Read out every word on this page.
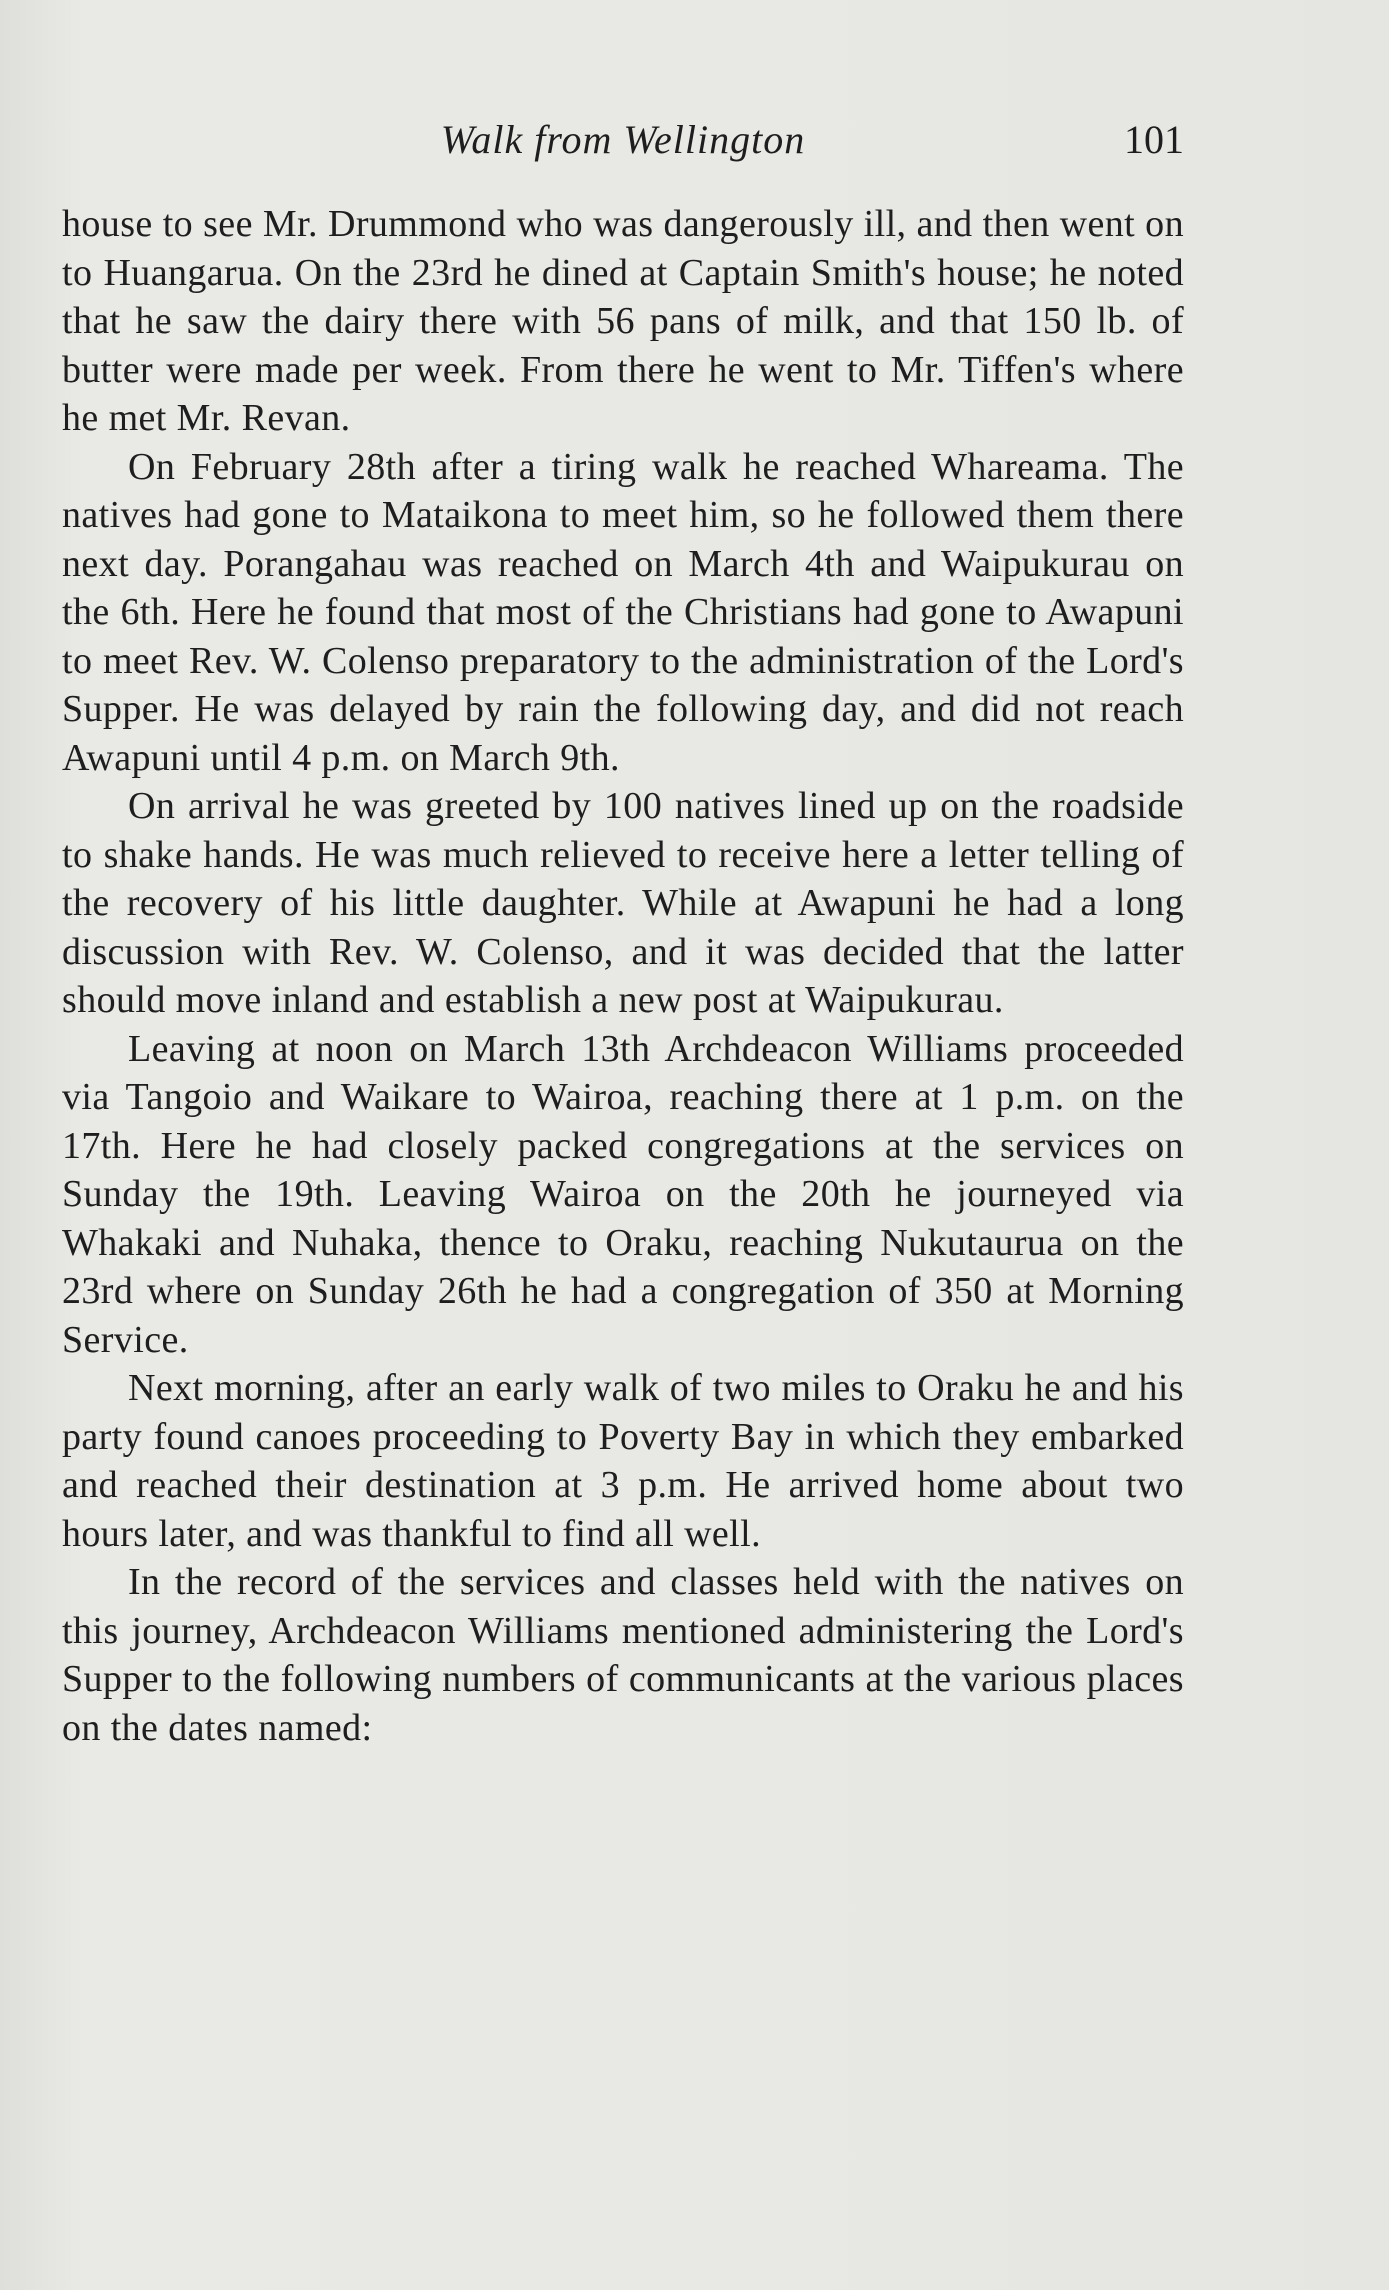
Walk from Wellington	101

house to see Mr. Drummond who was dangerously ill, and then went on to Huangarua. On the 23rd he dined at Captain Smith's house; he noted that he saw the dairy there with 56 pans of milk, and that 150 lb. of butter were made per week. From there he went to Mr. Tiffen's where he met Mr. Revan.

On February 28th after a tiring walk he reached Whareama. The natives had gone to Mataikona to meet him, so he followed them there next day. Porangahau was reached on March 4th and Waipukurau on the 6th. Here he found that most of the Christians had gone to Awapuni to meet Rev. W. Colenso preparatory to the administration of the Lord's Supper. He was delayed by rain the following day, and did not reach Awapuni until 4 p.m. on March 9th.

On arrival he was greeted by 100 natives lined up on the roadside to shake hands. He was much relieved to receive here a letter telling of the recovery of his little daughter. While at Awapuni he had a long discussion with Rev. W. Colenso, and it was decided that the latter should move inland and establish a new post at Waipukurau.

Leaving at noon on March 13th Archdeacon Williams proceeded via Tangoio and Waikare to Wairoa, reaching there at 1 p.m. on the 17th. Here he had closely packed congregations at the services on Sunday the 19th. Leaving Wairoa on the 20th he journeyed via Whakaki and Nuhaka, thence to Oraku, reaching Nukutaurua on the 23rd where on Sunday 26th he had a congregation of 350 at Morning Service.

Next morning, after an early walk of two miles to Oraku he and his party found canoes proceeding to Poverty Bay in which they embarked and reached their destination at 3 p.m. He arrived home about two hours later, and was thankful to find all well.

In the record of the services and classes held with the natives on this journey, Archdeacon Williams mentioned administering the Lord's Supper to the following numbers of communicants at the various places on the dates named:
